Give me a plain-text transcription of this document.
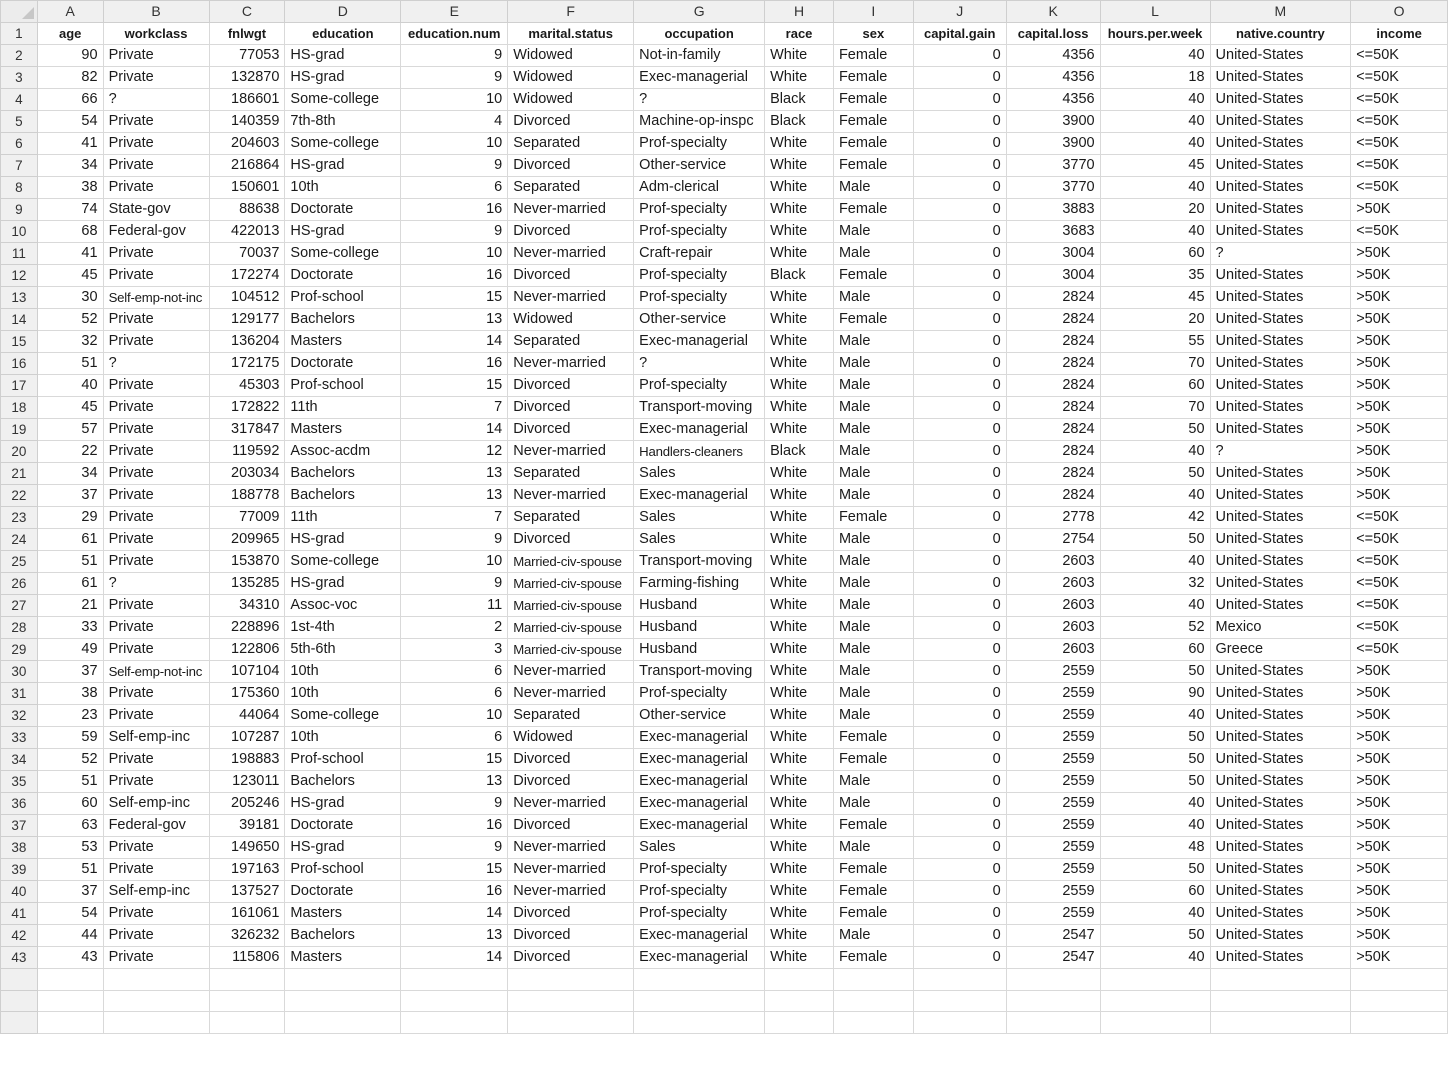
	A	B	C	D	E	F	G	H	I	J	K	L	M	O
1	age	workclass	fnlwgt	education	education.num	marital.status	occupation	race	sex	capital.gain	capital.loss	hours.per.week	native.country	income
2	90	Private	77053	HS-grad	9	Widowed	Not-in-family	White	Female	0	4356	40	United-States	<=50K
3	82	Private	132870	HS-grad	9	Widowed	Exec-managerial	White	Female	0	4356	18	United-States	<=50K
4	66	?	186601	Some-college	10	Widowed	?	Black	Female	0	4356	40	United-States	<=50K
5	54	Private	140359	7th-8th	4	Divorced	Machine-op-inspc	Black	Female	0	3900	40	United-States	<=50K
6	41	Private	204603	Some-college	10	Separated	Prof-specialty	White	Female	0	3900	40	United-States	<=50K
7	34	Private	216864	HS-grad	9	Divorced	Other-service	White	Female	0	3770	45	United-States	<=50K
8	38	Private	150601	10th	6	Separated	Adm-clerical	White	Male	0	3770	40	United-States	<=50K
9	74	State-gov	88638	Doctorate	16	Never-married	Prof-specialty	White	Female	0	3883	20	United-States	>50K
10	68	Federal-gov	422013	HS-grad	9	Divorced	Prof-specialty	White	Male	0	3683	40	United-States	<=50K
11	41	Private	70037	Some-college	10	Never-married	Craft-repair	White	Male	0	3004	60	?	>50K
12	45	Private	172274	Doctorate	16	Divorced	Prof-specialty	Black	Female	0	3004	35	United-States	>50K
13	30	Self-emp-not-inc	104512	Prof-school	15	Never-married	Prof-specialty	White	Male	0	2824	45	United-States	>50K
14	52	Private	129177	Bachelors	13	Widowed	Other-service	White	Female	0	2824	20	United-States	>50K
15	32	Private	136204	Masters	14	Separated	Exec-managerial	White	Male	0	2824	55	United-States	>50K
16	51	?	172175	Doctorate	16	Never-married	?	White	Male	0	2824	70	United-States	>50K
17	40	Private	45303	Prof-school	15	Divorced	Prof-specialty	White	Male	0	2824	60	United-States	>50K
18	45	Private	172822	11th	7	Divorced	Transport-moving	White	Male	0	2824	70	United-States	>50K
19	57	Private	317847	Masters	14	Divorced	Exec-managerial	White	Male	0	2824	50	United-States	>50K
20	22	Private	119592	Assoc-acdm	12	Never-married	Handlers-cleaners	Black	Male	0	2824	40	?	>50K
21	34	Private	203034	Bachelors	13	Separated	Sales	White	Male	0	2824	50	United-States	>50K
22	37	Private	188778	Bachelors	13	Never-married	Exec-managerial	White	Male	0	2824	40	United-States	>50K
23	29	Private	77009	11th	7	Separated	Sales	White	Female	0	2778	42	United-States	<=50K
24	61	Private	209965	HS-grad	9	Divorced	Sales	White	Male	0	2754	50	United-States	<=50K
25	51	Private	153870	Some-college	10	Married-civ-spouse	Transport-moving	White	Male	0	2603	40	United-States	<=50K
26	61	?	135285	HS-grad	9	Married-civ-spouse	Farming-fishing	White	Male	0	2603	32	United-States	<=50K
27	21	Private	34310	Assoc-voc	11	Married-civ-spouse	Husband	White	Male	0	2603	40	United-States	<=50K
28	33	Private	228896	1st-4th	2	Married-civ-spouse	Husband	White	Male	0	2603	52	Mexico	<=50K
29	49	Private	122806	5th-6th	3	Married-civ-spouse	Husband	White	Male	0	2603	60	Greece	<=50K
30	37	Self-emp-not-inc	107104	10th	6	Never-married	Transport-moving	White	Male	0	2559	50	United-States	>50K
31	38	Private	175360	10th	6	Never-married	Prof-specialty	White	Male	0	2559	90	United-States	>50K
32	23	Private	44064	Some-college	10	Separated	Other-service	White	Male	0	2559	40	United-States	>50K
33	59	Self-emp-inc	107287	10th	6	Widowed	Exec-managerial	White	Female	0	2559	50	United-States	>50K
34	52	Private	198883	Prof-school	15	Divorced	Exec-managerial	White	Female	0	2559	50	United-States	>50K
35	51	Private	123011	Bachelors	13	Divorced	Exec-managerial	White	Male	0	2559	50	United-States	>50K
36	60	Self-emp-inc	205246	HS-grad	9	Never-married	Exec-managerial	White	Male	0	2559	40	United-States	>50K
37	63	Federal-gov	39181	Doctorate	16	Divorced	Exec-managerial	White	Female	0	2559	40	United-States	>50K
38	53	Private	149650	HS-grad	9	Never-married	Sales	White	Male	0	2559	48	United-States	>50K
39	51	Private	197163	Prof-school	15	Never-married	Prof-specialty	White	Female	0	2559	50	United-States	>50K
40	37	Self-emp-inc	137527	Doctorate	16	Never-married	Prof-specialty	White	Female	0	2559	60	United-States	>50K
41	54	Private	161061	Masters	14	Divorced	Prof-specialty	White	Female	0	2559	40	United-States	>50K
42	44	Private	326232	Bachelors	13	Divorced	Exec-managerial	White	Male	0	2547	50	United-States	>50K
43	43	Private	115806	Masters	14	Divorced	Exec-managerial	White	Female	0	2547	40	United-States	>50K
